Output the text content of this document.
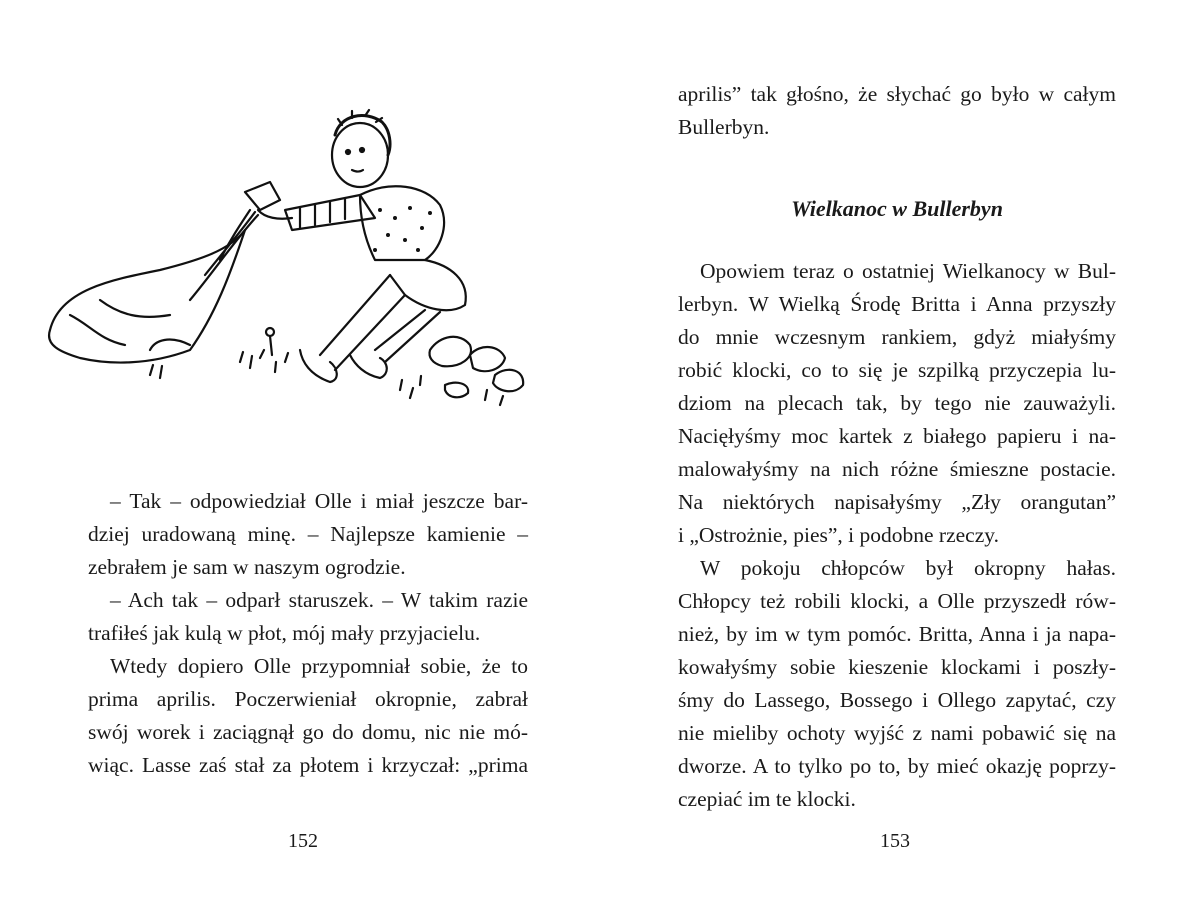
– Tak – odpowiedział Olle i miał jeszcze bar-
dziej uradowaną minę. – Najlepsze kamienie –
zebrałem je sam w naszym ogrodzie.

– Ach tak – odparł staruszek. – W takim razie
trafiłeś jak kulą w płot, mój mały przyjacielu.

Wtedy dopiero Olle przypomniał sobie, że to
prima aprilis. Poczerwieniał okropnie, zabrał
swój worek i zaciągnął go do domu, nic nie mó-
wiąc. Lasse zaś stał za płotem i krzyczał: „prima

152

aprilis” tak głośno, że słychać go było w całym
Bullerbyn.

Wielkanoc w Bullerbyn

Opowiem teraz o ostatniej Wielkanocy w Bul-
lerbyn. W Wielką Środę Britta i Anna przyszły
do mnie wczesnym rankiem, gdyż miałyśmy
robić klocki, co to się je szpilką przyczepia lu-
dziom na plecach tak, by tego nie zauważyli.
Nacięłyśmy moc kartek z białego papieru i na-
malowałyśmy na nich różne śmieszne postacie.
Na niektórych napisałyśmy „Zły orangutan”
i „Ostrożnie, pies”, i podobne rzeczy.

W pokoju chłopców był okropny hałas.
Chłopcy też robili klocki, a Olle przyszedł rów-
nież, by im w tym pomóc. Britta, Anna i ja napa-
kowałyśmy sobie kieszenie klockami i poszły-
śmy do Lassego, Bossego i Ollego zapytać, czy
nie mieliby ochoty wyjść z nami pobawić się na
dworze. A to tylko po to, by mieć okazję poprzy-
czepiać im te klocki.

153
